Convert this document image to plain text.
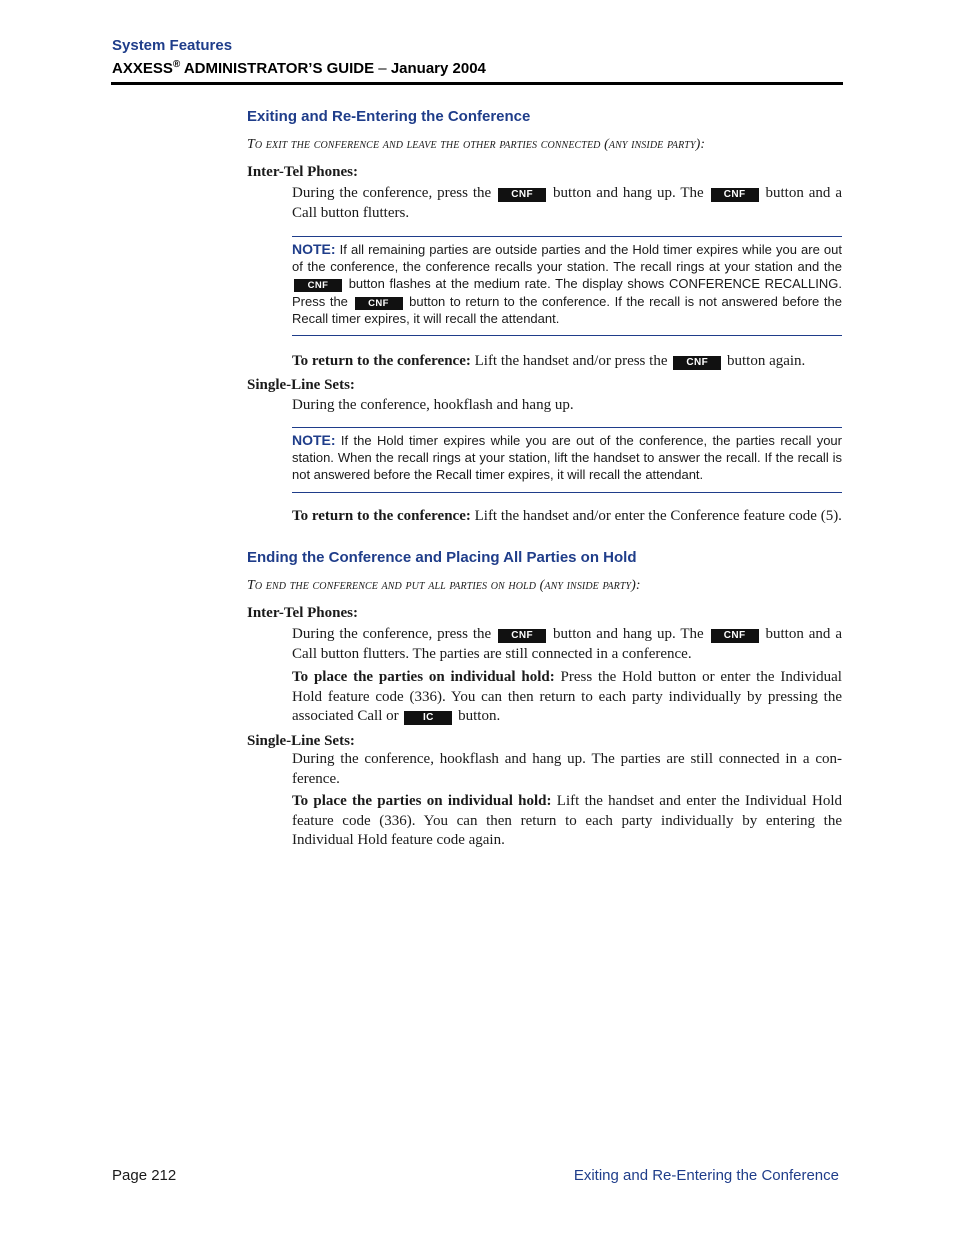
System Features
AXXESS® ADMINISTRATOR’S GUIDE – January 2004
Exiting and Re-Entering the Conference
To exit the conference and leave the other parties connected (any inside party):
Inter-Tel Phones:
During the conference, press the CNF button and hang up. The CNF button and a Call button flutters.
NOTE: If all remaining parties are outside parties and the Hold timer expires while you are out of the conference, the conference recalls your station. The recall rings at your station and the CNF button flashes at the medium rate. The display shows CONFERENCE RECALLING. Press the CNF button to return to the conference. If the recall is not answered before the Recall timer expires, it will recall the attendant.
To return to the conference: Lift the handset and/or press the CNF button again.
Single-Line Sets:
During the conference, hookflash and hang up.
NOTE: If the Hold timer expires while you are out of the conference, the parties recall your station. When the recall rings at your station, lift the handset to answer the recall. If the recall is not answered before the Recall timer expires, it will recall the attendant.
To return to the conference: Lift the handset and/or enter the Conference feature code (5).
Ending the Conference and Placing All Parties on Hold
To end the conference and put all parties on hold (any inside party):
Inter-Tel Phones:
During the conference, press the CNF button and hang up. The CNF button and a Call button flutters. The parties are still connected in a conference.
To place the parties on individual hold: Press the Hold button or enter the Individual Hold feature code (336). You can then return to each party individually by pressing the associated Call or IC button.
Single-Line Sets:
During the conference, hookflash and hang up. The parties are still connected in a conference.
To place the parties on individual hold: Lift the handset and enter the Individual Hold feature code (336). You can then return to each party individually by entering the Individual Hold feature code again.
Page 212	Exiting and Re-Entering the Conference
